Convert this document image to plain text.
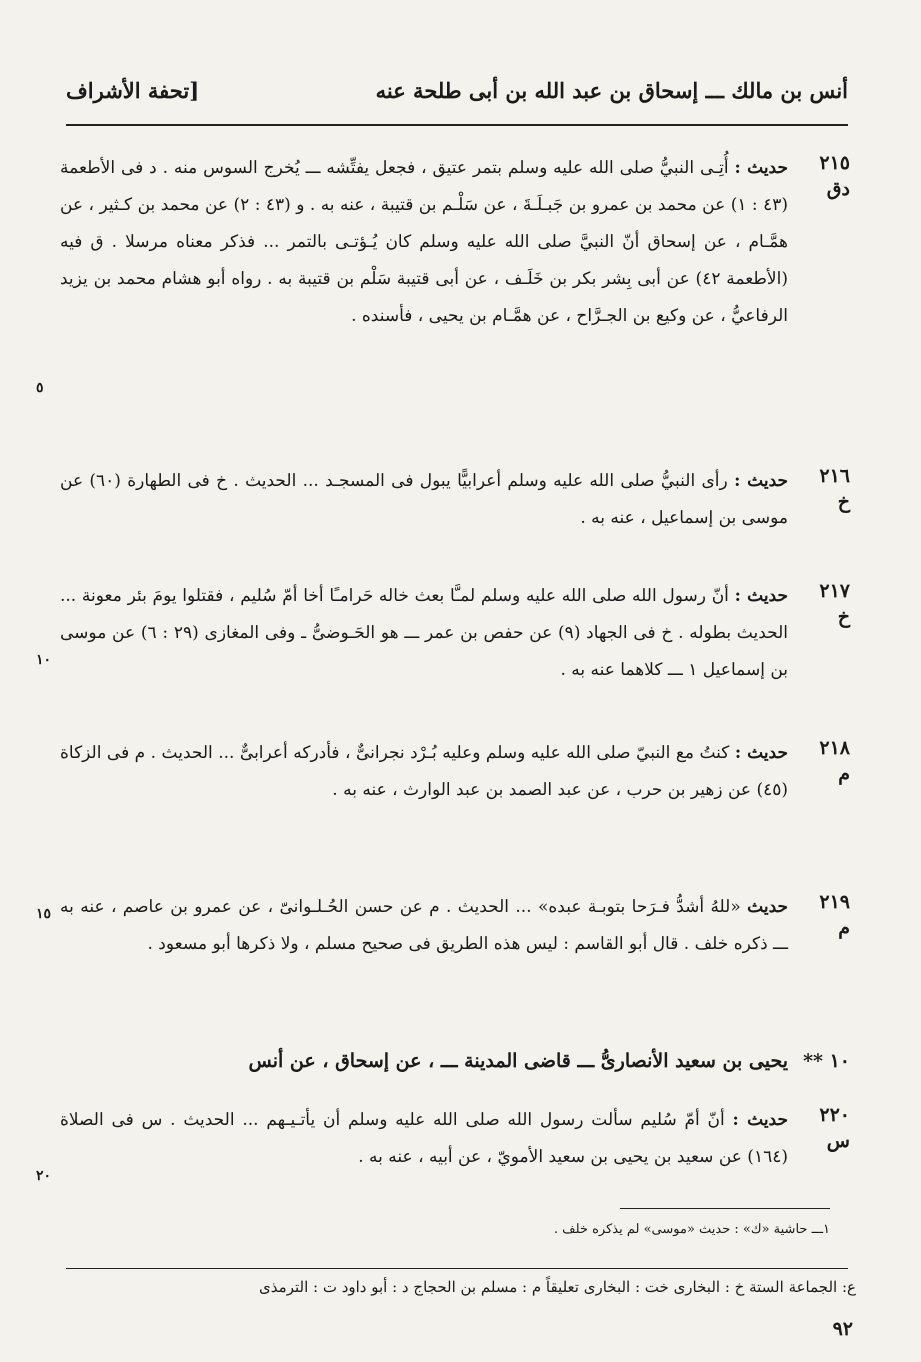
أنس بن مالك ـــ إسحاق بن عبد الله بن أبى طلحة عنه
[تحفة الأشراف
٢١٥
دق
حديث : أُتِـى النبيُّ صلى الله عليه وسلم بتمر عتيق ، فجعل يفتِّشه ـــ يُخرج السوس منه . د فى الأطعمة (٤٣ : ١) عن محمد بن عمرو بن جَبـلَـةَ ، عن سَلْـم بن قتيبة ، عنه به . و (٤٣ : ٢) عن محمد بن كـثير ، عن همَّـام ، عن إسحاق أنّ النبيَّ صلى الله عليه وسلم كان يُـؤتـى بالتمر ... فذكر معناه مرسلا . ق فيه (الأطعمة ٤٢) عن أبى بِشر بكر بن خَلَـف ، عن أبى قتيبة سَلْم بن قتيبة به . رواه أبو هشام محمد بن يزيد الرفاعيُّ ، عن وكيع بن الجـرَّاح ، عن همَّـام بن يحيى ، فأسنده .
٢١٦
خ
حديث : رأى النبيُّ صلى الله عليه وسلم أعرابيًّا يبول فى المسجـد ... الحديث . خ فى الطهارة (٦٠) عن موسى بن إسماعيل ، عنه به .
٢١٧
خ
حديث : أنّ رسول الله صلى الله عليه وسلم لمـَّا بعث خاله حَرامـًا أخا أمّ سُليم ، فقتلوا يومَ بئر معونة ... الحديث بطوله . خ فى الجهاد (٩) عن حفص بن عمر ـــ هو الحَـوضىُّ ـ وفى المغازى (٢٩ : ٦) عن موسى بن إسماعيل ١ ـــ كلاهما عنه به .
٢١٨
م
حديث : كنتُ مع النبيّ صلى الله عليه وسلم وعليه بُـرْد نجرانىٌّ ، فأدركه أعرابىٌّ ... الحديث . م فى الزكاة (٤٥) عن زهير بن حرب ، عن عبد الصمد بن عبد الوارث ، عنه به .
٢١٩
م
حديث «للهُ أشدُّ فـرَحا بتوبـة عبده» ... الحديث . م عن حسن الحُـلـوانىّ ، عن عمرو بن عاصم ، عنه به ـــ ذكره خلف . قال أبو القاسم : ليس هذه الطريق فى صحيح مسلم ، ولا ذكرها أبو مسعود .
١٠ **
يحيى بن سعيد الأنصارىُّ ـــ قاضى المدينة ـــ ، عن إسحاق ، عن أنس
٢٢٠
س
حديث : أنّ أمّ سُليم سألت رسول الله صلى الله عليه وسلم أن يأتـيـهم ... الحديث . س فى الصلاة (١٦٤) عن سعيد بن يحيى بن سعيد الأمويّ ، عن أبيه ، عنه به .
٥
١٠
١٥
٢٠
١ـــ حاشية «ك» : حديث «موسى» لم يذكره خلف .
ع: الجماعة الستة خ : البخارى خت : البخارى تعليقاً م : مسلم بن الحجاج د : أبو داود ت : الترمذى
٩٢
